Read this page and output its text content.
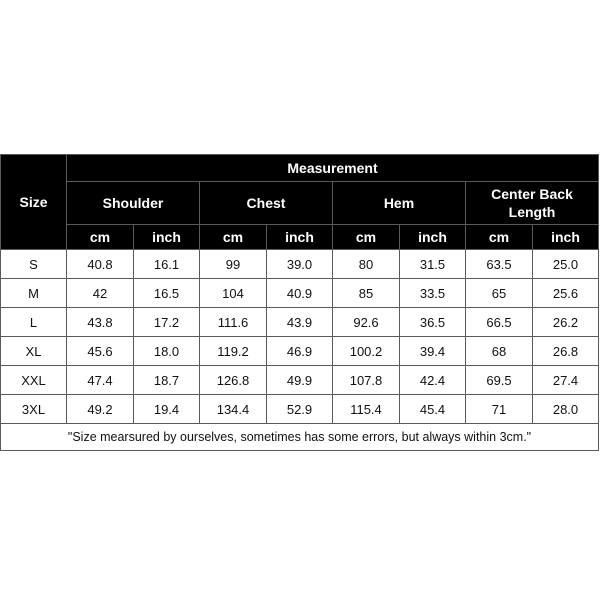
Size	Measurement							
	Shoulder		Chest		Hem		Center Back Length	
	cm	inch	cm	inch	cm	inch	cm	inch
S	40.8	16.1	99	39.0	80	31.5	63.5	25.0
M	42	16.5	104	40.9	85	33.5	65	25.6
L	43.8	17.2	111.6	43.9	92.6	36.5	66.5	26.2
XL	45.6	18.0	119.2	46.9	100.2	39.4	68	26.8
XXL	47.4	18.7	126.8	49.9	107.8	42.4	69.5	27.4
3XL	49.2	19.4	134.4	52.9	115.4	45.4	71	28.0
"Size mearsured by ourselves, sometimes has some errors, but always within 3cm."								
